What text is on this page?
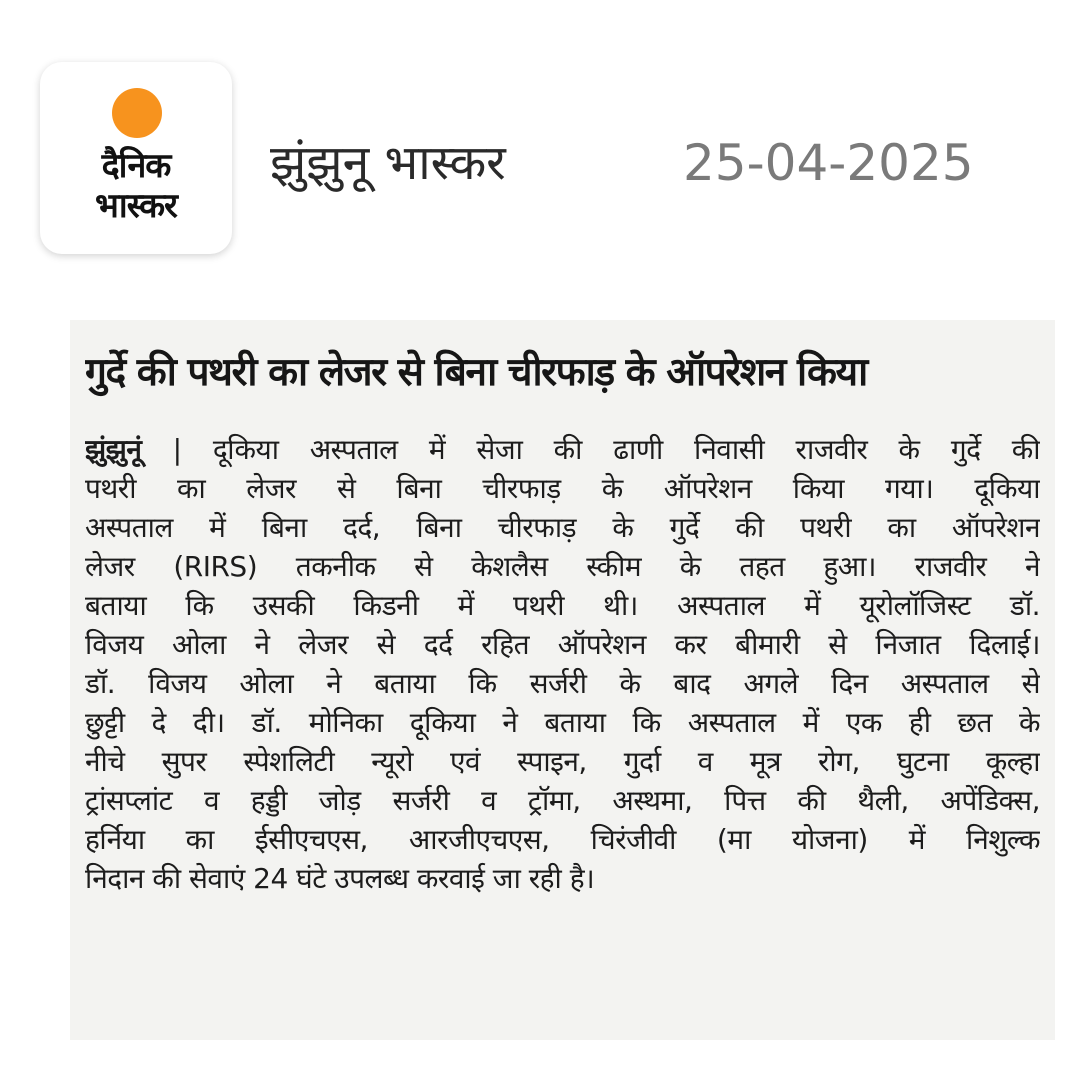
दैनिक
भास्कर
झुंझुनू भास्कर	25-04-2025
गुर्दे की पथरी का लेजर से बिना चीरफाड़ के ऑपरेशन किया
झुंझुनूं | दूकिया अस्पताल में सेजा की ढाणी निवासी राजवीर के गुर्दे की
पथरी का लेजर से बिना चीरफाड़ के ऑपरेशन किया गया। दूकिया
अस्पताल में बिना दर्द, बिना चीरफाड़ के गुर्दे की पथरी का ऑपरेशन
लेजर (RIRS) तकनीक से केशलैस स्कीम के तहत हुआ। राजवीर ने
बताया कि उसकी किडनी में पथरी थी। अस्पताल में यूरोलॉजिस्ट डॉ.
विजय ओला ने लेजर से दर्द रहित ऑपरेशन कर बीमारी से निजात दिलाई।
डॉ. विजय ओला ने बताया कि सर्जरी के बाद अगले दिन अस्पताल से
छुट्टी दे दी। डॉ. मोनिका दूकिया ने बताया कि अस्पताल में एक ही छत के
नीचे सुपर स्पेशलिटी न्यूरो एवं स्पाइन, गुर्दा व मूत्र रोग, घुटना कूल्हा
ट्रांसप्लांट व हड्डी जोड़ सर्जरी व ट्रॉमा, अस्थमा, पित्त की थैली, अपेंडिक्स,
हर्निया का ईसीएचएस, आरजीएचएस, चिरंजीवी (मा योजना) में निशुल्क
निदान की सेवाएं 24 घंटे उपलब्ध करवाई जा रही है।
